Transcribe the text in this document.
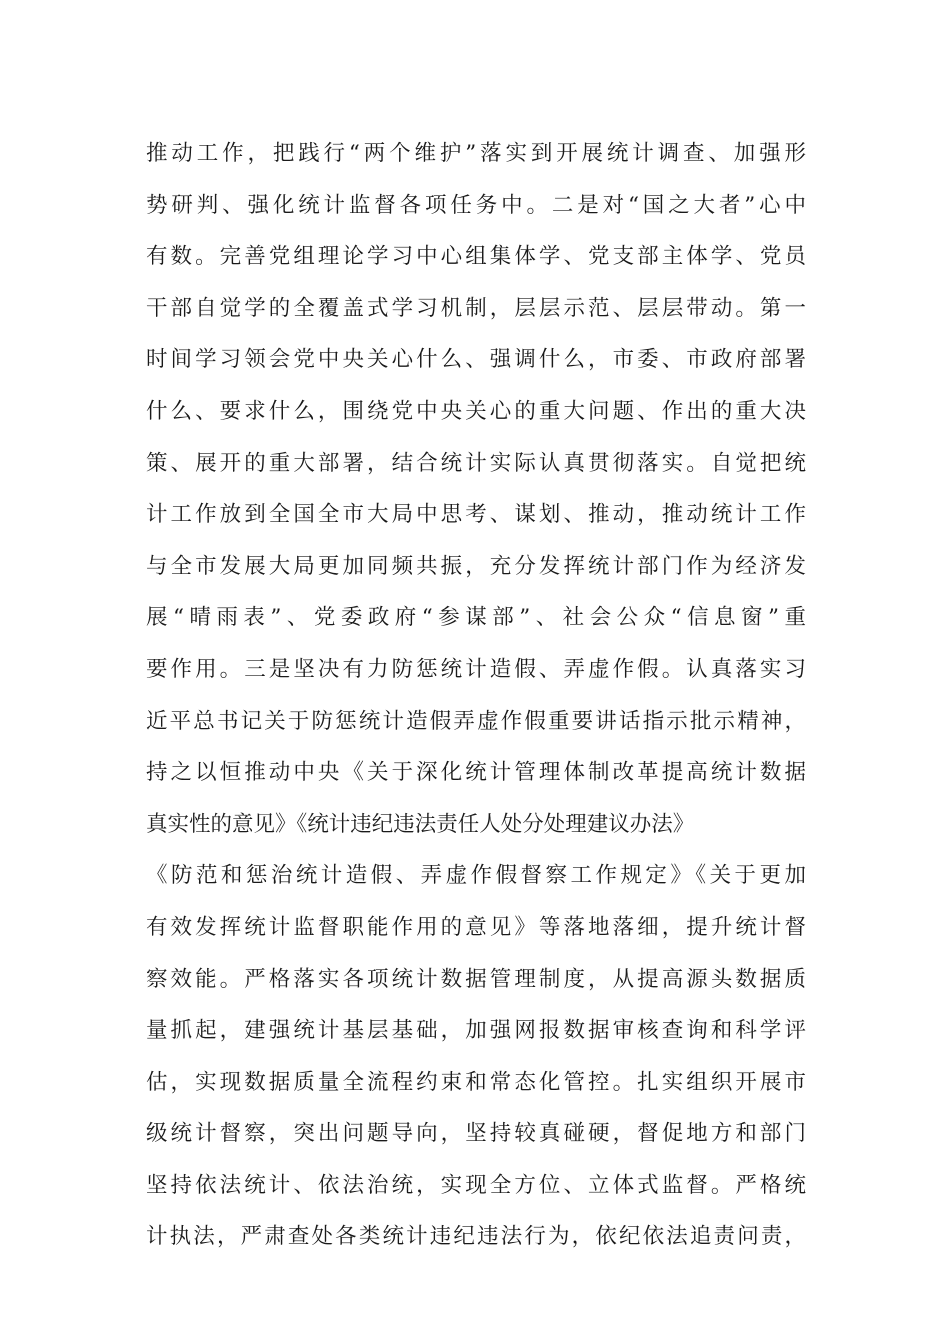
推动工作，把践行“两个维护”落实到开展统计调查、加强形
势研判、强化统计监督各项任务中。二是对“国之大者”心中
有数。完善党组理论学习中心组集体学、党支部主体学、党员
干部自觉学的全覆盖式学习机制，层层示范、层层带动。第一
时间学习领会党中央关心什么、强调什么，市委、市政府部署
什么、要求什么，围绕党中央关心的重大问题、作出的重大决
策、展开的重大部署，结合统计实际认真贯彻落实。自觉把统
计工作放到全国全市大局中思考、谋划、推动，推动统计工作
与全市发展大局更加同频共振，充分发挥统计部门作为经济发
展“晴雨表”、党委政府“参谋部”、社会公众“信息窗”重
要作用。三是坚决有力防惩统计造假、弄虚作假。认真落实习
近平总书记关于防惩统计造假弄虚作假重要讲话指示批示精神，
持之以恒推动中央《关于深化统计管理体制改革提高统计数据
真实性的意见》《统计违纪违法责任人处分处理建议办法》
《防范和惩治统计造假、弄虚作假督察工作规定》《关于更加
有效发挥统计监督职能作用的意见》等落地落细，提升统计督
察效能。严格落实各项统计数据管理制度，从提高源头数据质
量抓起，建强统计基层基础，加强网报数据审核查询和科学评
估，实现数据质量全流程约束和常态化管控。扎实组织开展市
级统计督察，突出问题导向，坚持较真碰硬，督促地方和部门
坚持依法统计、依法治统，实现全方位、立体式监督。严格统
计执法，严肃查处各类统计违纪违法行为，依纪依法追责问责，
